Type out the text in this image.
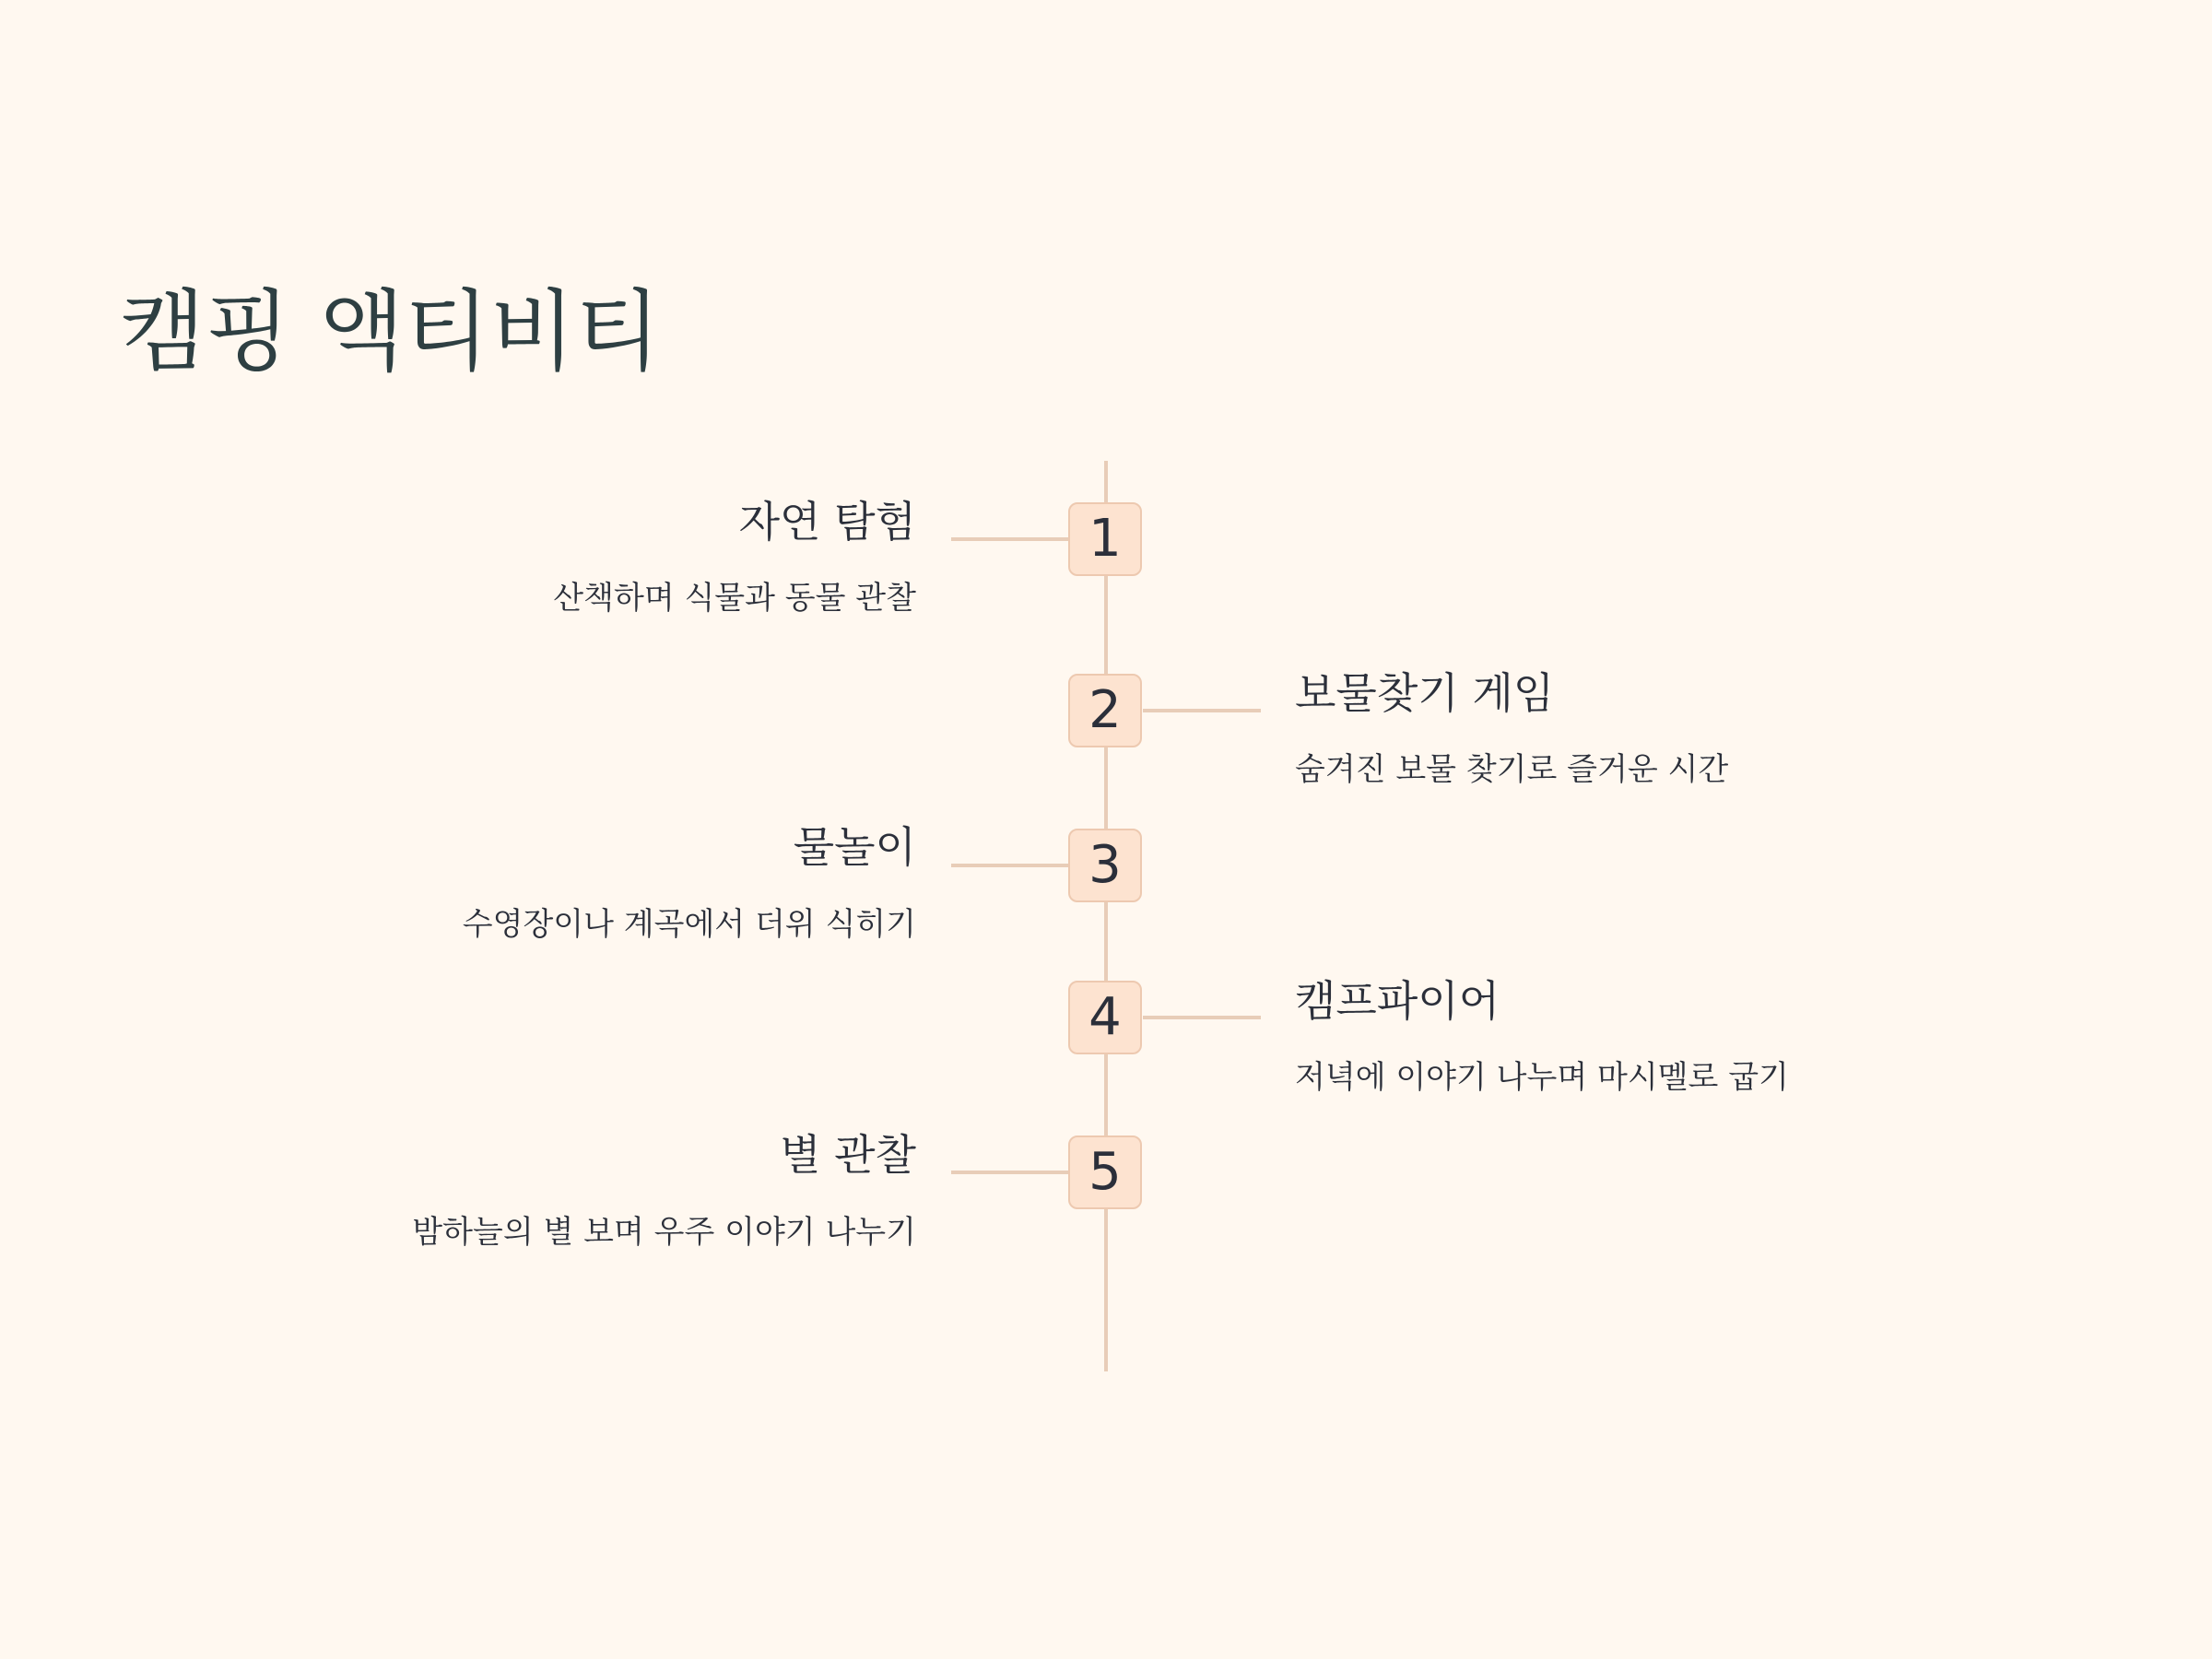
캠핑 액티비티
1
자연 탐험

산책하며 식물과 동물 관찰

2	보물찾기 게임

숨겨진 보물 찾기로 즐거운 시간

3
물놀이

수영장이나 계곡에서 더위 식히기

4	캠프파이어

저녁에 이야기 나누며 마시멜로 굽기

5
별 관찰

밤하늘의 별 보며 우주 이야기 나누기
